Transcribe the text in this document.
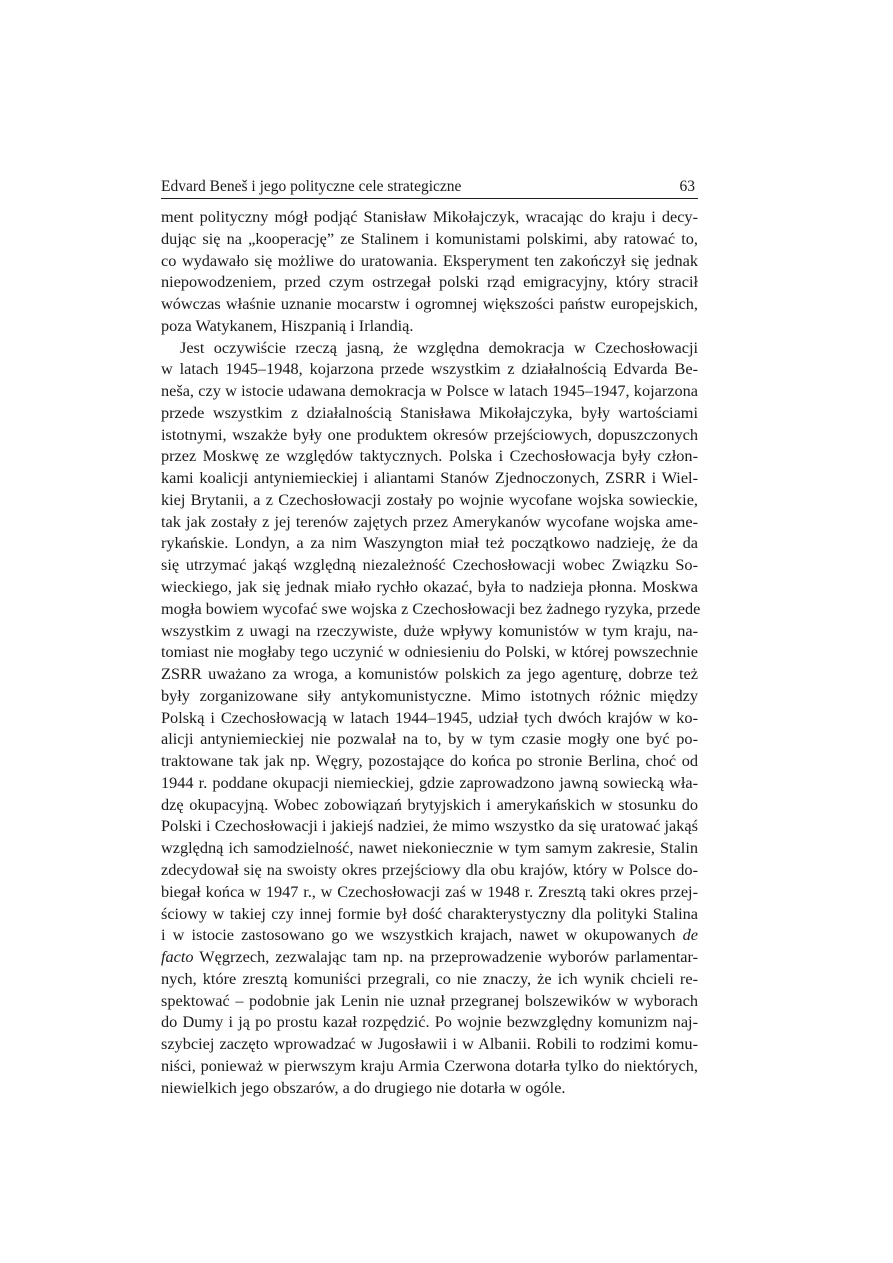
Edvard Beneš i jego polityczne cele strategiczne	63
ment polityczny mógł podjąć Stanisław Mikołajczyk, wracając do kraju i decy-
dując się na „kooperację” ze Stalinem i komunistami polskimi, aby ratować to,
co wydawało się możliwe do uratowania. Eksperyment ten zakończył się jednak
niepowodzeniem, przed czym ostrzegał polski rząd emigracyjny, który stracił
wówczas właśnie uznanie mocarstw i ogromnej większości państw europejskich,
poza Watykanem, Hiszpanią i Irlandią.
Jest oczywiście rzeczą jasną, że względna demokracja w Czechosłowacji
w latach 1945–1948, kojarzona przede wszystkim z działalnością Edvarda Be-
neša, czy w istocie udawana demokracja w Polsce w latach 1945–1947, kojarzona
przede wszystkim z działalnością Stanisława Mikołajczyka, były wartościami
istotnymi, wszakże były one produktem okresów przejściowych, dopuszczonych
przez Moskwę ze względów taktycznych. Polska i Czechosłowacja były człon-
kami koalicji antyniemieckiej i aliantami Stanów Zjednoczonych, ZSRR i Wiel-
kiej Brytanii, a z Czechosłowacji zostały po wojnie wycofane wojska sowieckie,
tak jak zostały z jej terenów zajętych przez Amerykanów wycofane wojska ame-
rykańskie. Londyn, a za nim Waszyngton miał też początkowo nadzieję, że da
się utrzymać jakąś względną niezależność Czechosłowacji wobec Związku So-
wieckiego, jak się jednak miało rychło okazać, była to nadzieja płonna. Moskwa
mogła bowiem wycofać swe wojska z Czechosłowacji bez żadnego ryzyka, przede
wszystkim z uwagi na rzeczywiste, duże wpływy komunistów w tym kraju, na-
tomiast nie mogłaby tego uczynić w odniesieniu do Polski, w której powszechnie
ZSRR uważano za wroga, a komunistów polskich za jego agenturę, dobrze też
były zorganizowane siły antykomunistyczne. Mimo istotnych różnic między
Polską i Czechosłowacją w latach 1944–1945, udział tych dwóch krajów w ko-
alicji antyniemieckiej nie pozwalał na to, by w tym czasie mogły one być po-
traktowane tak jak np. Węgry, pozostające do końca po stronie Berlina, choć od
1944 r. poddane okupacji niemieckiej, gdzie zaprowadzono jawną sowiecką wła-
dzę okupacyjną. Wobec zobowiązań brytyjskich i amerykańskich w stosunku do
Polski i Czechosłowacji i jakiejś nadziei, że mimo wszystko da się uratować jakąś
względną ich samodzielność, nawet niekoniecznie w tym samym zakresie, Stalin
zdecydował się na swoisty okres przejściowy dla obu krajów, który w Polsce do-
biegał końca w 1947 r., w Czechosłowacji zaś w 1948 r. Zresztą taki okres przej-
ściowy w takiej czy innej formie był dość charakterystyczny dla polityki Stalina
i w istocie zastosowano go we wszystkich krajach, nawet w okupowanych de
facto Węgrzech, zezwalając tam np. na przeprowadzenie wyborów parlamentar-
nych, które zresztą komuniści przegrali, co nie znaczy, że ich wynik chcieli re-
spektować – podobnie jak Lenin nie uznał przegranej bolszewików w wyborach
do Dumy i ją po prostu kazał rozpędzić. Po wojnie bezwzględny komunizm naj-
szybciej zaczęto wprowadzać w Jugosławii i w Albanii. Robili to rodzimi komu-
niści, ponieważ w pierwszym kraju Armia Czerwona dotarła tylko do niektórych,
niewielkich jego obszarów, a do drugiego nie dotarła w ogóle.
